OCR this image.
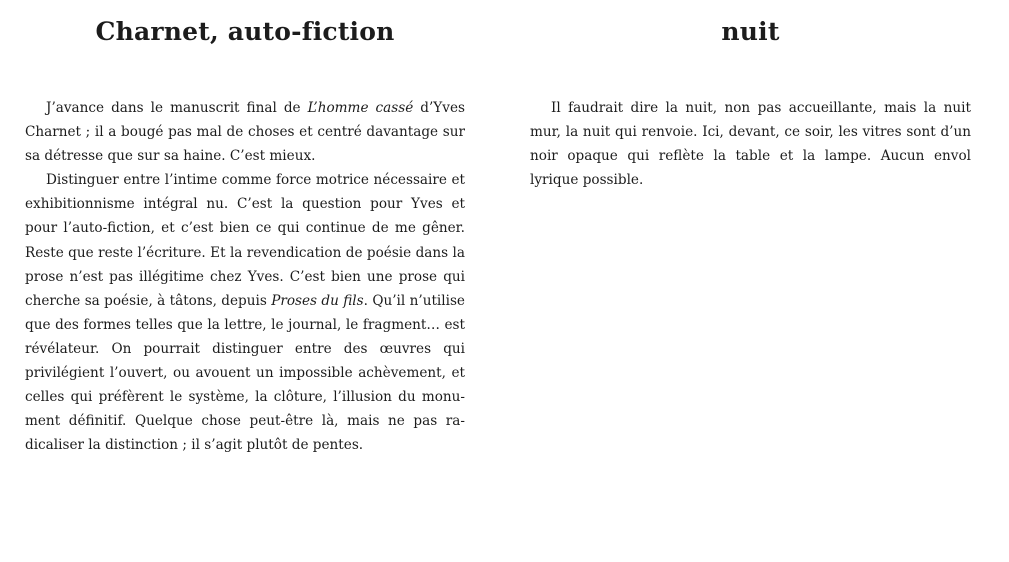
Charnet, auto-fiction

J’avance dans le manuscrit final de L’homme cassé d’Yves Charnet ; il a bougé pas mal de choses et centré davantage sur sa détresse que sur sa haine. C’est mieux.

Distinguer entre l’intime comme force motrice nécessaire et exhibitionnisme intégral nu. C’est la question pour Yves et pour l’auto-fiction, et c’est bien ce qui continue de me gêner. Reste que reste l’écriture. Et la revendication de poésie dans la prose n’est pas illégitime chez Yves. C’est bien une prose qui cherche sa poésie, à tâtons, depuis Proses du fils. Qu’il n’utilise que des formes telles que la lettre, le journal, le fragment… est révélateur. On pourrait distinguer entre des œuvres qui privilégient l’ouvert, ou avouent un impossible achèvement, et celles qui préfèrent le système, la clôture, l’illusion du monument définitif. Quelque chose peut-être là, mais ne pas radicaliser la distinction ; il s’agit plutôt de pentes.

nuit

Il faudrait dire la nuit, non pas accueillante, mais la nuit mur, la nuit qui renvoie. Ici, devant, ce soir, les vitres sont d’un noir opaque qui reflète la table et la lampe. Aucun envol lyrique possible.
